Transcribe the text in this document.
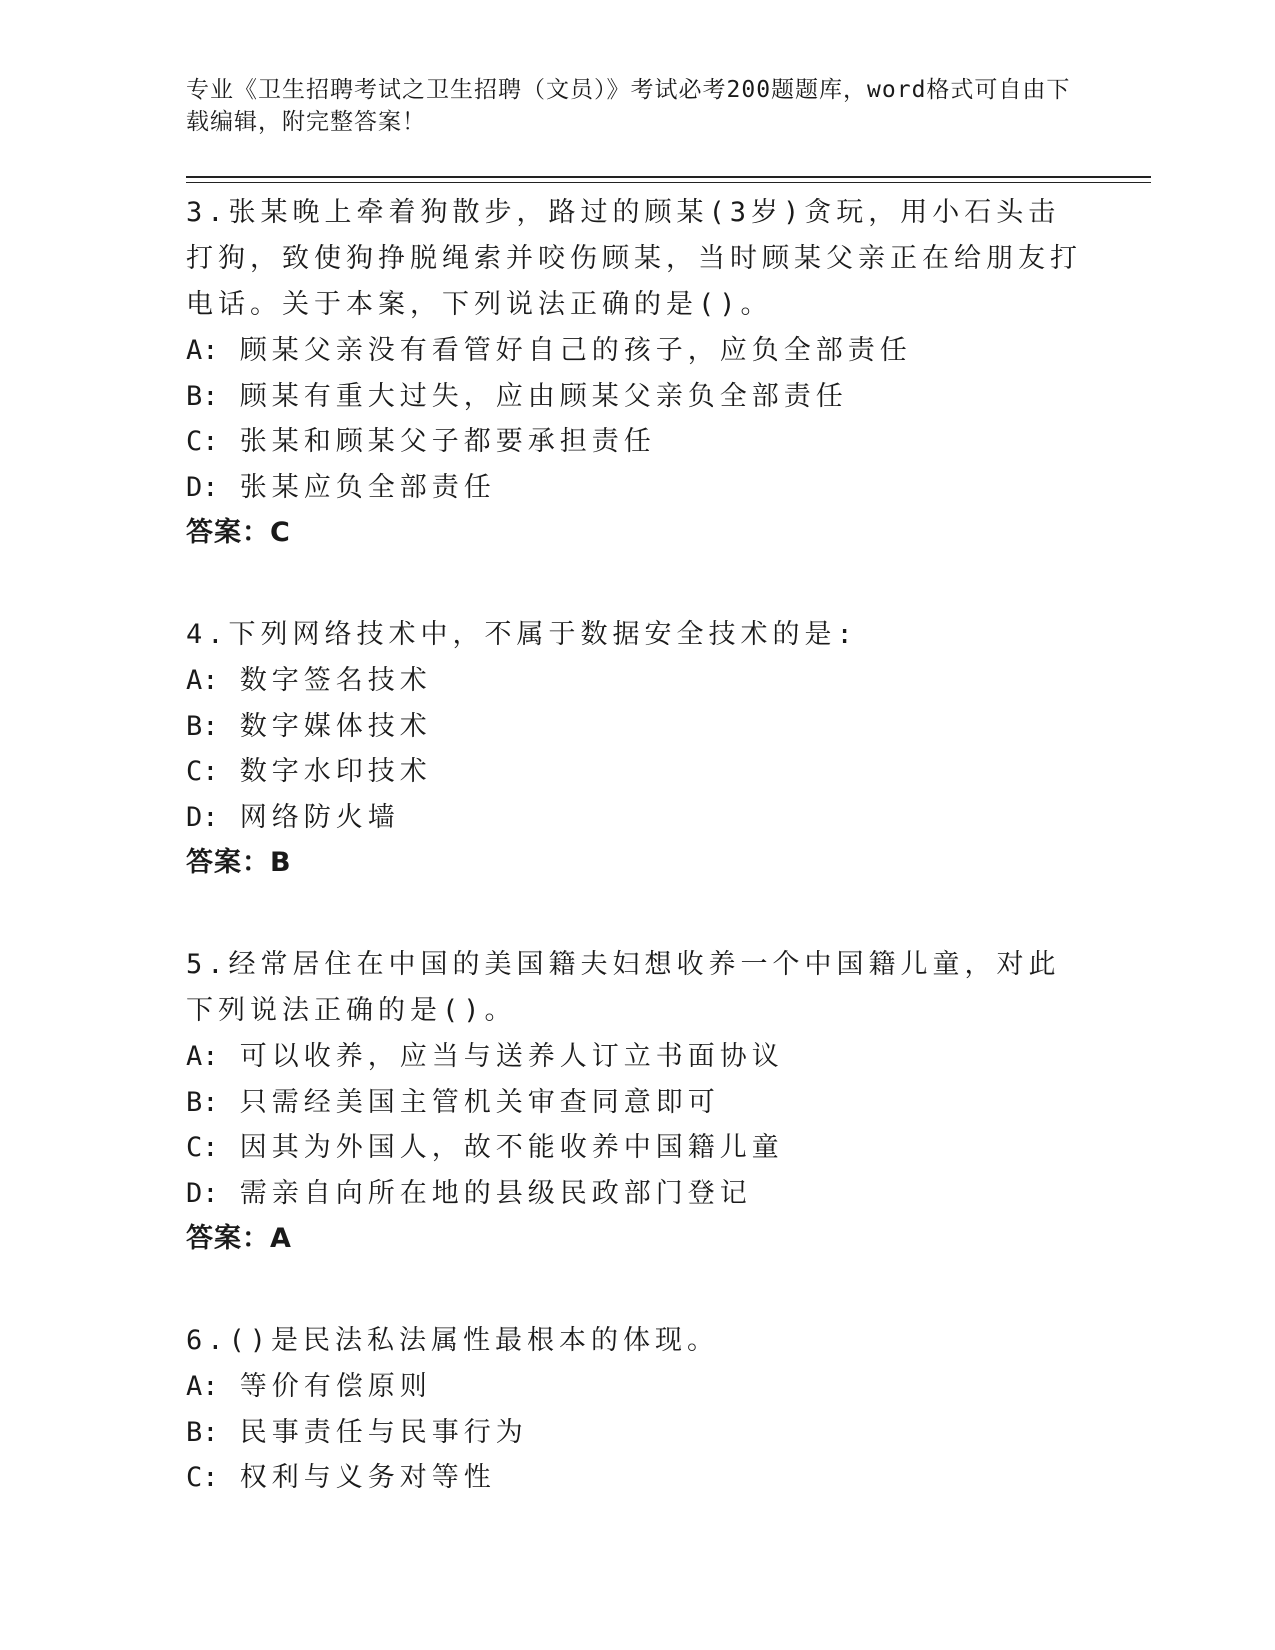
专业《卫生招聘考试之卫生招聘（文员）》考试必考200题题库，word格式可自由下载编辑，附完整答案！
3.张某晚上牵着狗散步，路过的顾某(3岁)贪玩，用小石头击打狗，致使狗挣脱绳索并咬伤顾某，当时顾某父亲正在给朋友打电话。关于本案，下列说法正确的是()。
A: 顾某父亲没有看管好自己的孩子，应负全部责任
B: 顾某有重大过失，应由顾某父亲负全部责任
C: 张某和顾某父子都要承担责任
D: 张某应负全部责任
答案：C
4.下列网络技术中，不属于数据安全技术的是:
A: 数字签名技术
B: 数字媒体技术
C: 数字水印技术
D: 网络防火墙
答案：B
5.经常居住在中国的美国籍夫妇想收养一个中国籍儿童，对此下列说法正确的是()。
A: 可以收养，应当与送养人订立书面协议
B: 只需经美国主管机关审查同意即可
C: 因其为外国人，故不能收养中国籍儿童
D: 需亲自向所在地的县级民政部门登记
答案：A
6.()是民法私法属性最根本的体现。
A: 等价有偿原则
B: 民事责任与民事行为
C: 权利与义务对等性
